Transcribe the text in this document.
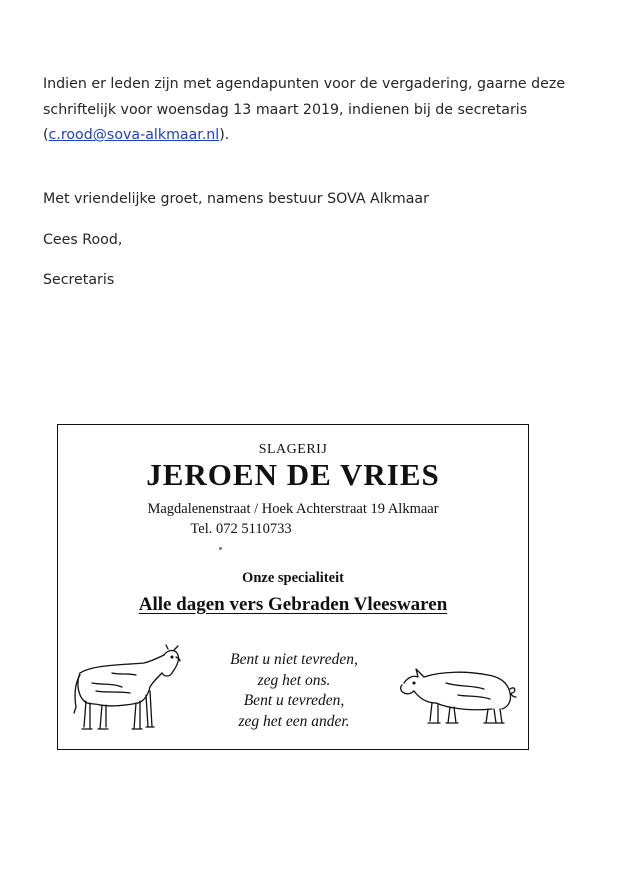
Indien er leden zijn met agendapunten voor de vergadering, gaarne deze
schriftelijk voor woensdag 13 maart 2019, indienen bij de secretaris
(c.rood@sova-alkmaar.nl).

Met vriendelijke groet, namens bestuur SOVA Alkmaar

Cees Rood,

Secretaris

SLAGERIJ

JEROEN DE VRIES

Magdalenenstraat / Hoek Achterstraat 19 Alkmaar

Tel. 072 5110733

Onze specialiteit

Alle dagen vers Gebraden Vleeswaren

Bent u niet tevreden,
zeg het ons.
Bent u tevreden,
zeg het een ander.
